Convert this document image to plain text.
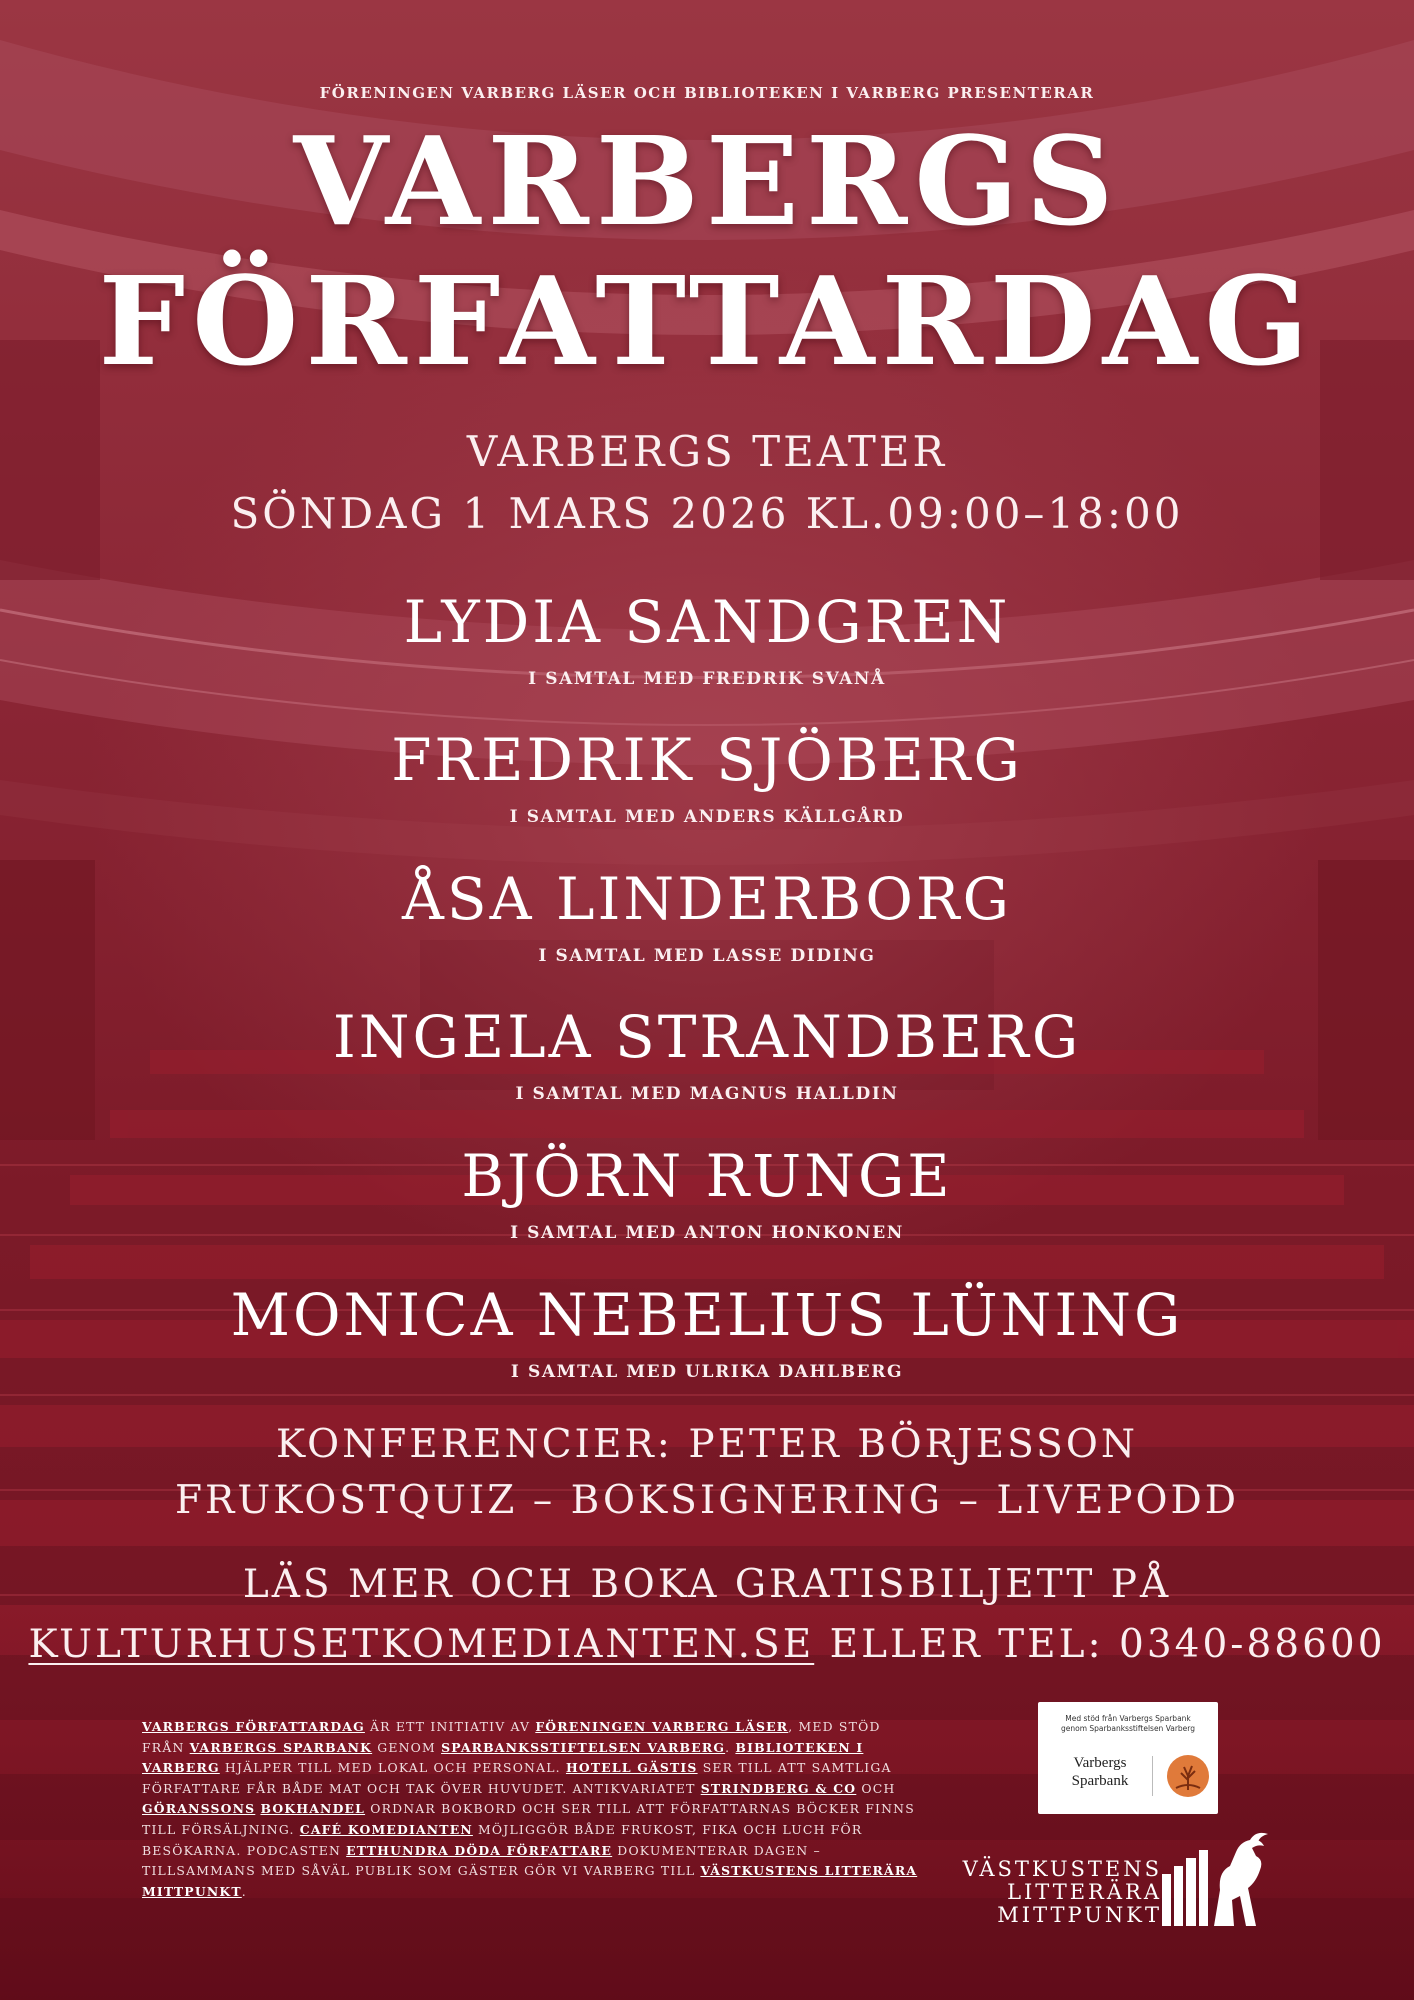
FÖRENINGEN VARBERG LÄSER OCH BIBLIOTEKEN I VARBERG PRESENTERAR
VARBERGS
FÖRFATTARDAG
VARBERGS TEATER
SÖNDAG 1 MARS 2026 KL.09:00–18:00
LYDIA SANDGREN
I SAMTAL MED FREDRIK SVANÅ
FREDRIK SJÖBERG
I SAMTAL MED ANDERS KÄLLGÅRD
ÅSA LINDERBORG
I SAMTAL MED LASSE DIDING
INGELA STRANDBERG
I SAMTAL MED MAGNUS HALLDIN
BJÖRN RUNGE
I SAMTAL MED ANTON HONKONEN
MONICA NEBELIUS LÜNING
I SAMTAL MED ULRIKA DAHLBERG
KONFERENCIER: PETER BÖRJESSON
FRUKOSTQUIZ – BOKSIGNERING – LIVEPODD
LÄS MER OCH BOKA GRATISBILJETT PÅ
KULTURHUSETKOMEDIANTEN.SE ELLER TEL: 0340-88600
VARBERGS FÖRFATTARDAG ÄR ETT INITIATIV AV FÖRENINGEN VARBERG LÄSER, MED STÖD FRÅN VARBERGS SPARBANK GENOM SPARBANKSSTIFTELSEN VARBERG. BIBLIOTEKEN I VARBERG HJÄLPER TILL MED LOKAL OCH PERSONAL. HOTELL GÄSTIS SER TILL ATT SAMTLIGA FÖRFATTARE FÅR BÅDE MAT OCH TAK ÖVER HUVUDET. ANTIKVARIATET STRINDBERG & CO OCH GÖRANSSONS BOKHANDEL ORDNAR BOKBORD OCH SER TILL ATT FÖRFATTARNAS BÖCKER FINNS TILL FÖRSÄLJNING. CAFÉ KOMEDIANTEN MÖJLIGGÖR BÅDE FRUKOST, FIKA OCH LUCH FÖR BESÖKARNA. PODCASTEN ETTHUNDRA DÖDA FÖRFATTARE DOKUMENTERAR DAGEN –TILLSAMMANS MED SÅVÄL PUBLIK SOM GÄSTER GÖR VI VARBERG TILL VÄSTKUSTENS LITTERÄRA MITTPUNKT.
Med stöd från Varbergs Sparbank
genom Sparbanksstiftelsen Varberg
Varbergs
Sparbank
VÄSTKUSTENS
LITTERÄRA
MITTPUNKT
